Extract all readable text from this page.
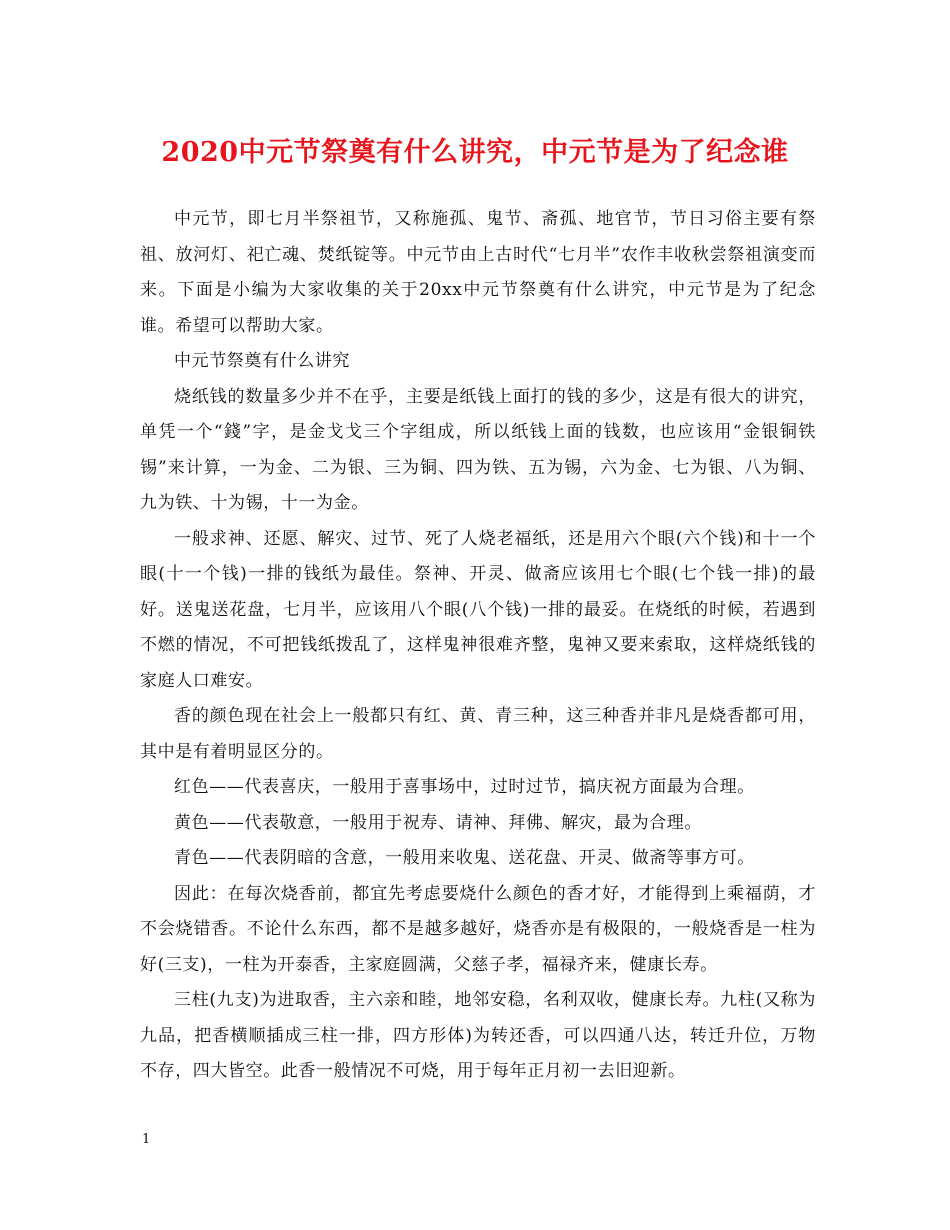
2020中元节祭奠有什么讲究，中元节是为了纪念谁

中元节，即七月半祭祖节，又称施孤、鬼节、斋孤、地官节，节日习俗主要有祭祖、放河灯、祀亡魂、焚纸锭等。中元节由上古时代“七月半”农作丰收秋尝祭祖演变而来。下面是小编为大家收集的关于20xx中元节祭奠有什么讲究，中元节是为了纪念谁。希望可以帮助大家。

中元节祭奠有什么讲究

烧纸钱的数量多少并不在乎，主要是纸钱上面打的钱的多少，这是有很大的讲究，单凭一个“錢”字，是金戈戈三个字组成，所以纸钱上面的钱数，也应该用“金银铜铁锡”来计算，一为金、二为银、三为铜、四为铁、五为锡，六为金、七为银、八为铜、九为铁、十为锡，十一为金。

一般求神、还愿、解灾、过节、死了人烧老福纸，还是用六个眼(六个钱)和十一个眼(十一个钱)一排的钱纸为最佳。祭神、开灵、做斋应该用七个眼(七个钱一排)的最好。送鬼送花盘，七月半，应该用八个眼(八个钱)一排的最妥。在烧纸的时候，若遇到不燃的情况，不可把钱纸拨乱了，这样鬼神很难齐整，鬼神又要来索取，这样烧纸钱的家庭人口难安。

香的颜色现在社会上一般都只有红、黄、青三种，这三种香并非凡是烧香都可用，其中是有着明显区分的。

红色——代表喜庆，一般用于喜事场中，过时过节，搞庆祝方面最为合理。

黄色——代表敬意，一般用于祝寿、请神、拜佛、解灾，最为合理。

青色——代表阴暗的含意，一般用来收鬼、送花盘、开灵、做斋等事方可。

因此：在每次烧香前，都宜先考虑要烧什么颜色的香才好，才能得到上乘福荫，才不会烧错香。不论什么东西，都不是越多越好，烧香亦是有极限的，一般烧香是一柱为好(三支)，一柱为开泰香，主家庭圆满，父慈子孝，福禄齐来，健康长寿。

三柱(九支)为进取香，主六亲和睦，地邻安稳，名利双收，健康长寿。九柱(又称为九品，把香横顺插成三柱一排，四方形体)为转还香，可以四通八达，转迁升位，万物不存，四大皆空。此香一般情况不可烧，用于每年正月初一去旧迎新。

1
